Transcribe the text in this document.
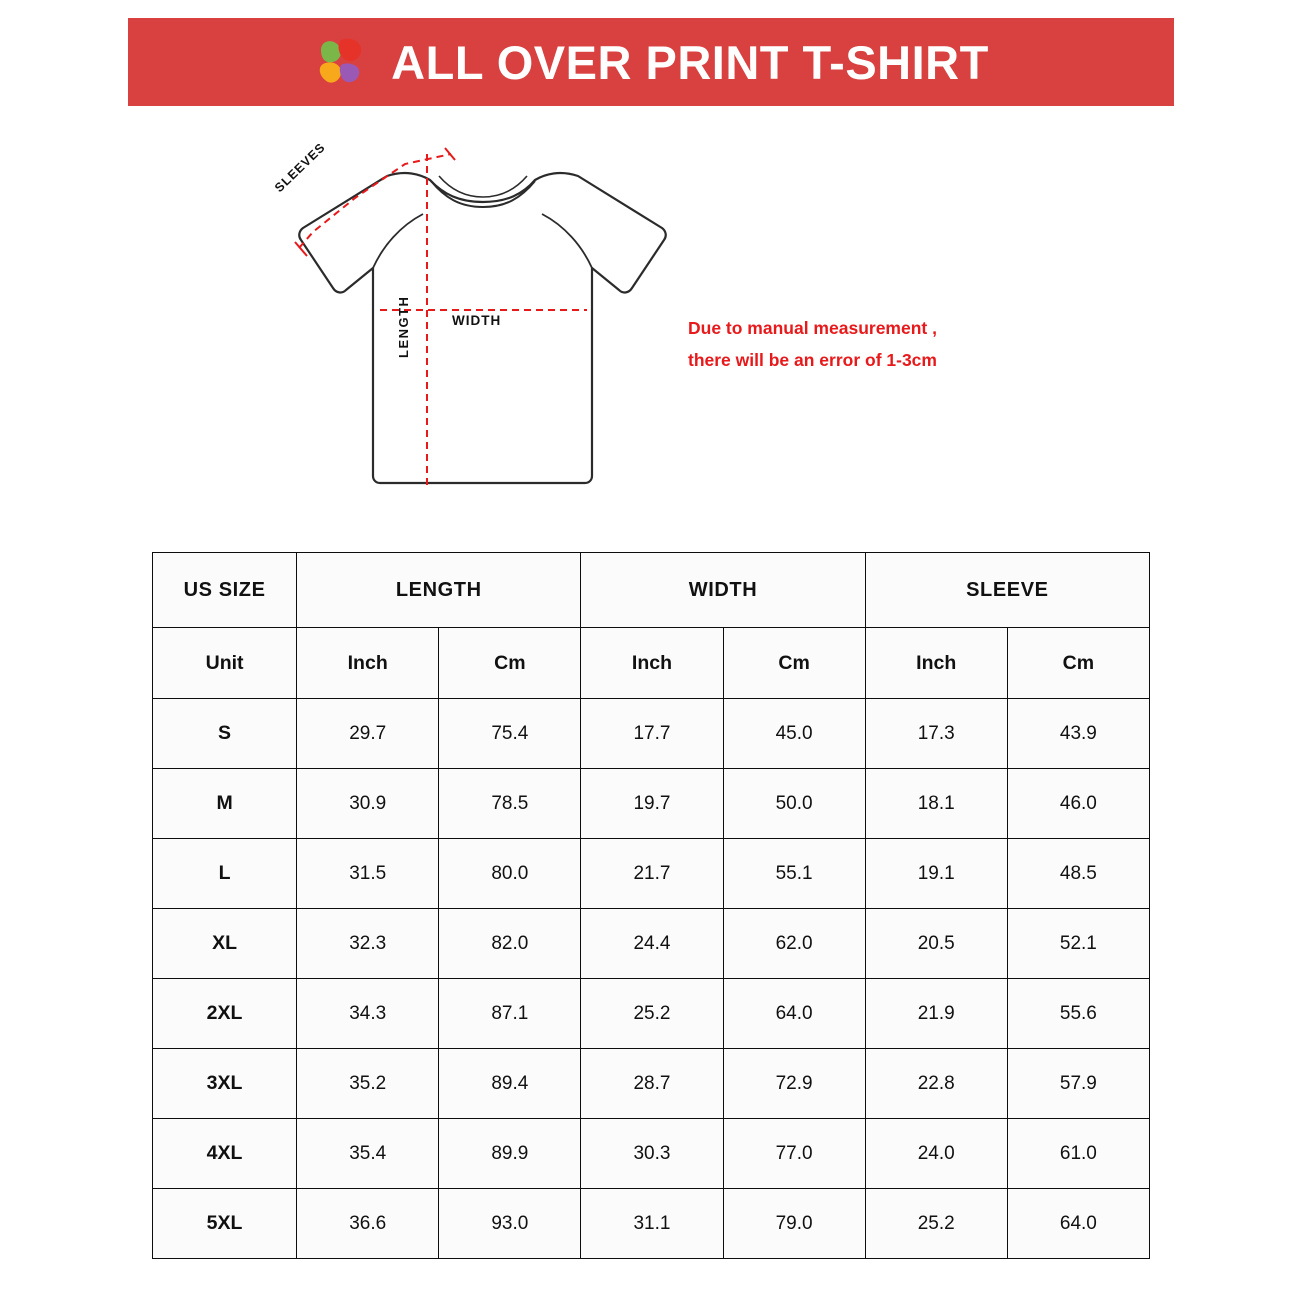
ALL OVER PRINT T-SHIRT
SLEEVES
WIDTH
LENGTH	Due to manual measurement ,
there will be an error of 1-3cm
US SIZE	LENGTH		WIDTH		SLEEVE	
Unit	Inch	Cm	Inch	Cm	Inch	Cm
S	29.7	75.4	17.7	45.0	17.3	43.9
M	30.9	78.5	19.7	50.0	18.1	46.0
L	31.5	80.0	21.7	55.1	19.1	48.5
XL	32.3	82.0	24.4	62.0	20.5	52.1
2XL	34.3	87.1	25.2	64.0	21.9	55.6
3XL	35.2	89.4	28.7	72.9	22.8	57.9
4XL	35.4	89.9	30.3	77.0	24.0	61.0
5XL	36.6	93.0	31.1	79.0	25.2	64.0
